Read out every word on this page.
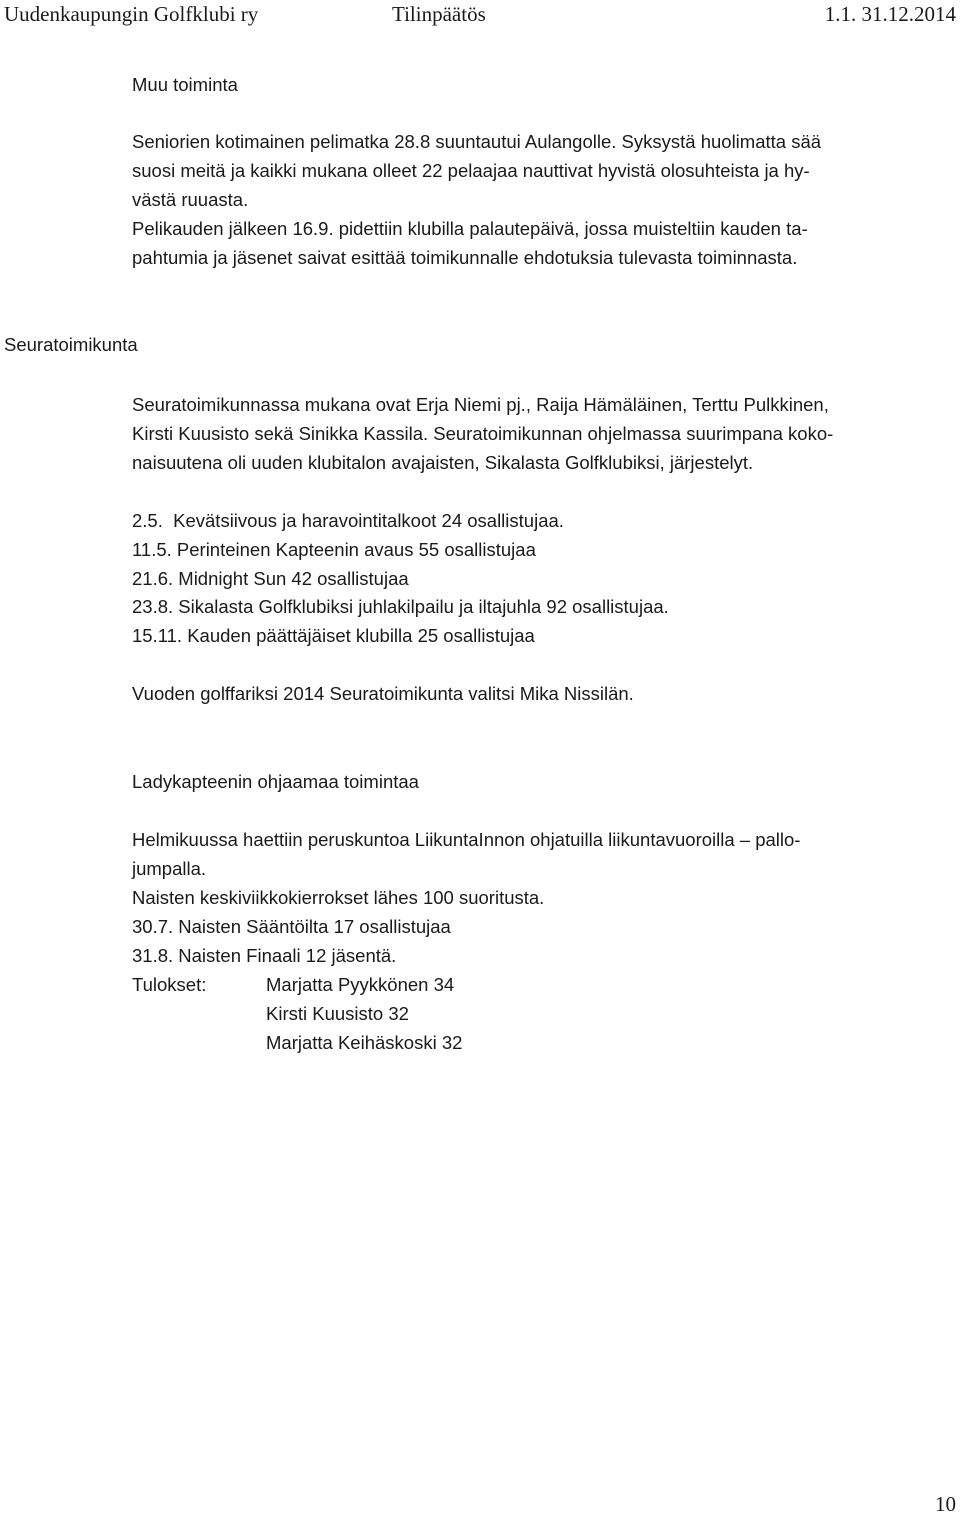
Uudenkaupungin Golfklubi ry	Tilinpäätös	1.1. 31.12.2014
Muu toiminta
Seniorien kotimainen pelimatka 28.8 suuntautui Aulangolle. Syksystä huolimatta sää
suosi meitä ja kaikki mukana olleet 22 pelaajaa nauttivat hyvistä olosuhteista ja hy-
västä ruuasta.
Pelikauden jälkeen 16.9. pidettiin klubilla palautepäivä, jossa muisteltiin kauden ta-
pahtumia ja jäsenet saivat esittää toimikunnalle ehdotuksia tulevasta toiminnasta.
Seuratoimikunta
Seuratoimikunnassa mukana ovat Erja Niemi pj., Raija Hämäläinen, Terttu Pulkkinen,
Kirsti Kuusisto sekä Sinikka Kassila. Seuratoimikunnan ohjelmassa suurimpana koko-
naisuutena oli uuden klubitalon avajaisten, Sikalasta Golfklubiksi, järjestelyt.
2.5.  Kevätsiivous ja haravointitalkoot 24 osallistujaa.
11.5. Perinteinen Kapteenin avaus 55 osallistujaa
21.6. Midnight Sun 42 osallistujaa
23.8. Sikalasta Golfklubiksi juhlakilpailu ja iltajuhla 92 osallistujaa.
15.11. Kauden päättäjäiset klubilla 25 osallistujaa
Vuoden golffariksi 2014 Seuratoimikunta valitsi Mika Nissilän.
Ladykapteenin ohjaamaa toimintaa
Helmikuussa haettiin peruskuntoa LiikuntaInnon ohjatuilla liikuntavuoroilla – pallo-
jumpalla.
Naisten keskiviikkokierrokset lähes 100 suoritusta.
30.7. Naisten Sääntöilta 17 osallistujaa
31.8. Naisten Finaali 12 jäsentä.
Tulokset:	Marjatta Pyykkönen 34
Kirsti Kuusisto 32
Marjatta Keihäskoski 32
10
